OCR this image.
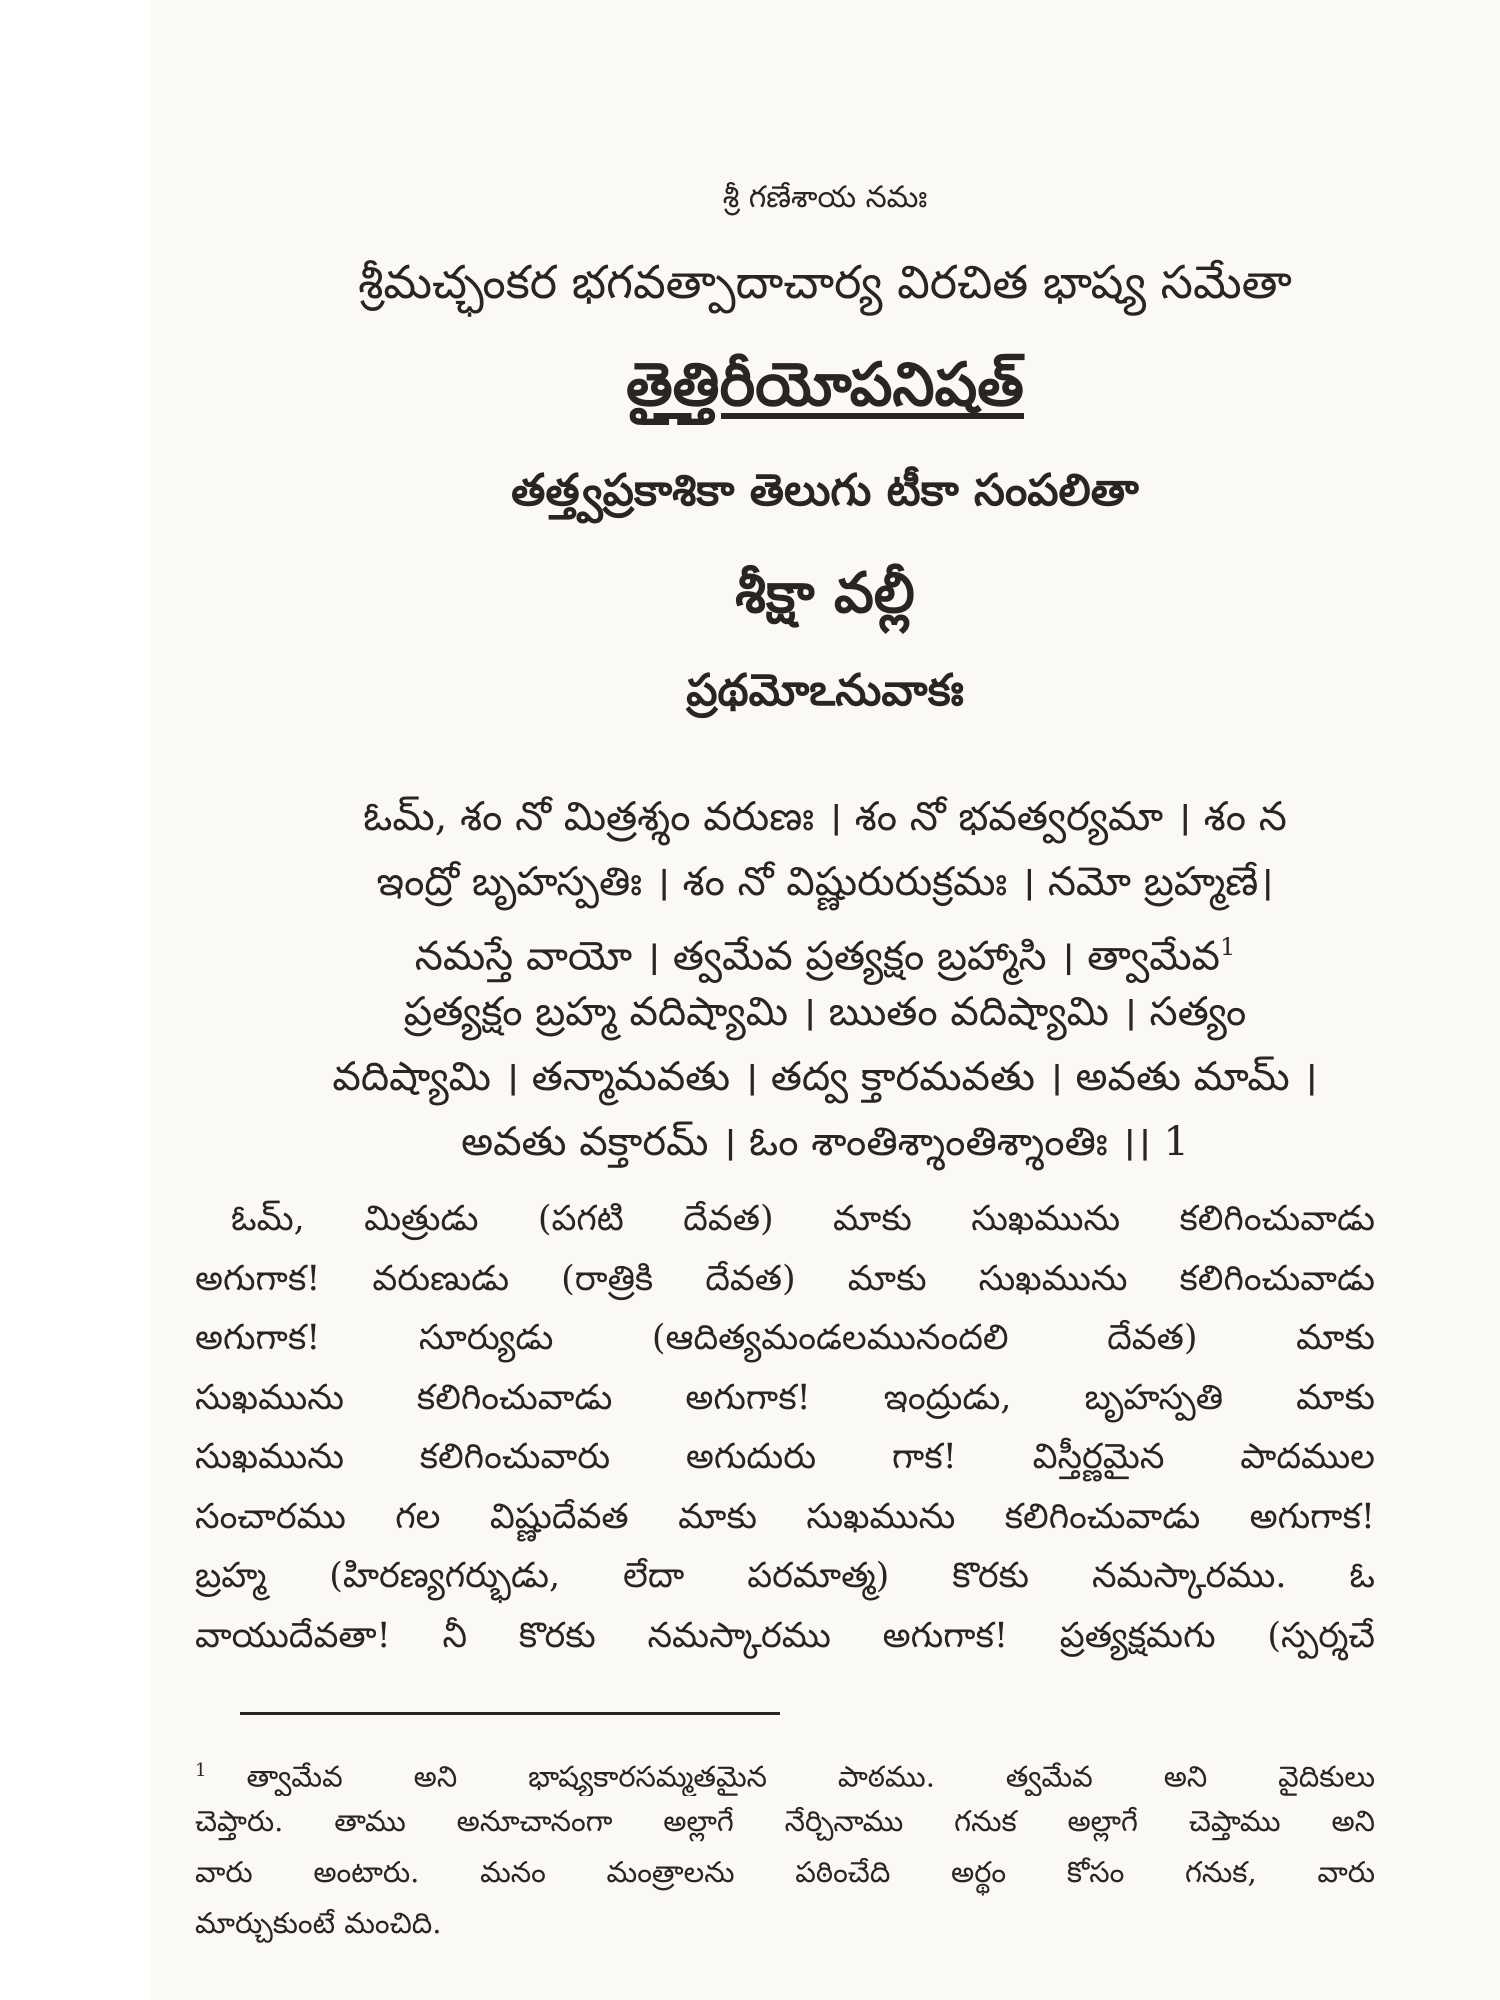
శ్రీ గణేశాయ నమః
శ్రీమచ్ఛంకర భగవత్పాదాచార్య విరచిత భాష్య సమేతా
తైత్తిరీయోపనిషత్
తత్త్వప్రకాశికా తెలుగు టీకా సంపలితా
శీక్షా వల్లీ
ప్రథమోఽనువాకః
ఓమ్, శం నో మిత్రశ్శం వరుణః । శం నో భవత్వర్యమా । శం న
ఇంద్రో బృహస్పతిః । శం నో విష్ణురురుక్రమః । నమో బ్రహ్మణే।
నమస్తే వాయో । త్వమేవ ప్రత్యక్షం బ్రహ్మాసి । త్వామేవ$^1$
ప్రత్యక్షం బ్రహ్మ వదిష్యామి । ఋతం వదిష్యామి । సత్యం
వదిష్యామి । తన్మామవతు । తద్వ క్తారమవతు । అవతు మామ్ ।
అవతు వక్తారమ్ । ఓం శాంతిశ్శాంతిశ్శాంతిః ।। 1
ఓమ్, మిత్రుడు (పగటి దేవత) మాకు సుఖమును కలిగించువాడు
అగుగాక! వరుణుడు (రాత్రికి దేవత) మాకు సుఖమును కలిగించువాడు
అగుగాక! సూర్యుడు (ఆదిత్యమండలమునందలి దేవత) మాకు
సుఖమును కలిగించువాడు అగుగాక! ఇంద్రుడు, బృహస్పతి మాకు
సుఖమును కలిగించువారు అగుదురు గాక! విస్తీర్ణమైన పాదముల
సంచారము గల విష్ణుదేవత మాకు సుఖమును కలిగించువాడు అగుగాక!
బ్రహ్మ (హిరణ్యగర్భుడు, లేదా పరమాత్మ) కొరకు నమస్కారము. ఓ
వాయుదేవతా! నీ కొరకు నమస్కారము అగుగాక! ప్రత్యక్షమగు (స్పర్శచే
$^1$ త్వామేవ అని భాష్యకారసమ్మతమైన పాఠము. త్వమేవ అని వైదికులు
చెప్తారు. తాము అనూచానంగా అల్లాగే నేర్చినాము గనుక అల్లాగే చెప్తాము అని
వారు అంటారు. మనం మంత్రాలను పఠించేది అర్థం కోసం గనుక, వారు
మార్చుకుంటే మంచిది.
